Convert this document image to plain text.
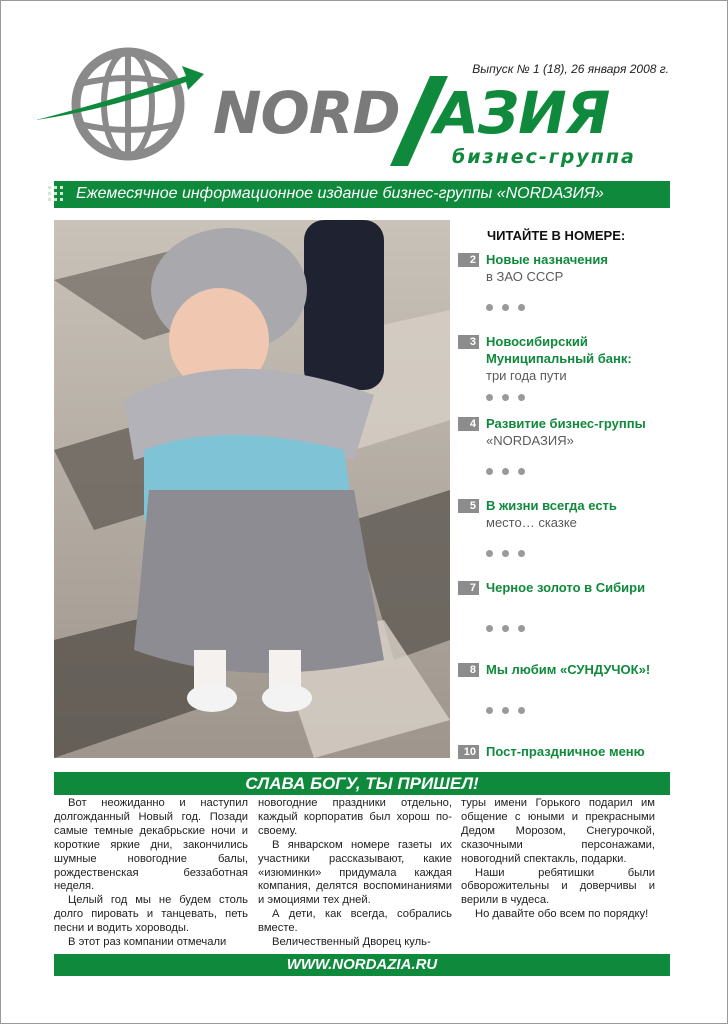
NORD АЗИЯ
бизнес-группа
Выпуск № 1 (18), 26 января 2008 г.
Ежемесячное информационное издание бизнес-группы «NORDАЗИЯ»
ЧИТАЙТЕ В НОМЕРЕ:
2 Новые назначения
в ЗАО СССР
3 Новосибирский
Муниципальный банк:
три года пути
4 Развитие бизнес-группы
«NORDАЗИЯ»
5 В жизни всегда есть
место… сказке
7 Черное золото в Сибири
8 Мы любим «СУНДУЧОК»!
10 Пост-праздничное меню
СЛАВА БОГУ, ТЫ ПРИШЕЛ!

Вот неожиданно и наступил долгожданный Новый год. Позади самые темные декабрьские ночи и короткие яркие дни, закончились шумные новогодние балы, рождественская беззаботная неделя.

Целый год мы не будем столь долго пировать и танцевать, петь песни и водить хороводы.

В этот раз компании отмечали

новогодние праздники отдельно, каждый корпоратив был хорош по-своему.

В январском номере газеты их участники рассказывают, какие «изюминки» придумала каждая компания, делятся воспоминаниями и эмоциями тех дней.

А дети, как всегда, собрались вместе.

Величественный Дворец куль-

туры имени Горького подарил им общение с юными и прекрасными Дедом Морозом, Снегурочкой, сказочными персонажами, новогодний спектакль, подарки.

Наши ребятишки были обворожительны и доверчивы и верили в чудеса.

Но давайте обо всем по порядку!

WWW.NORDAZIA.RU
